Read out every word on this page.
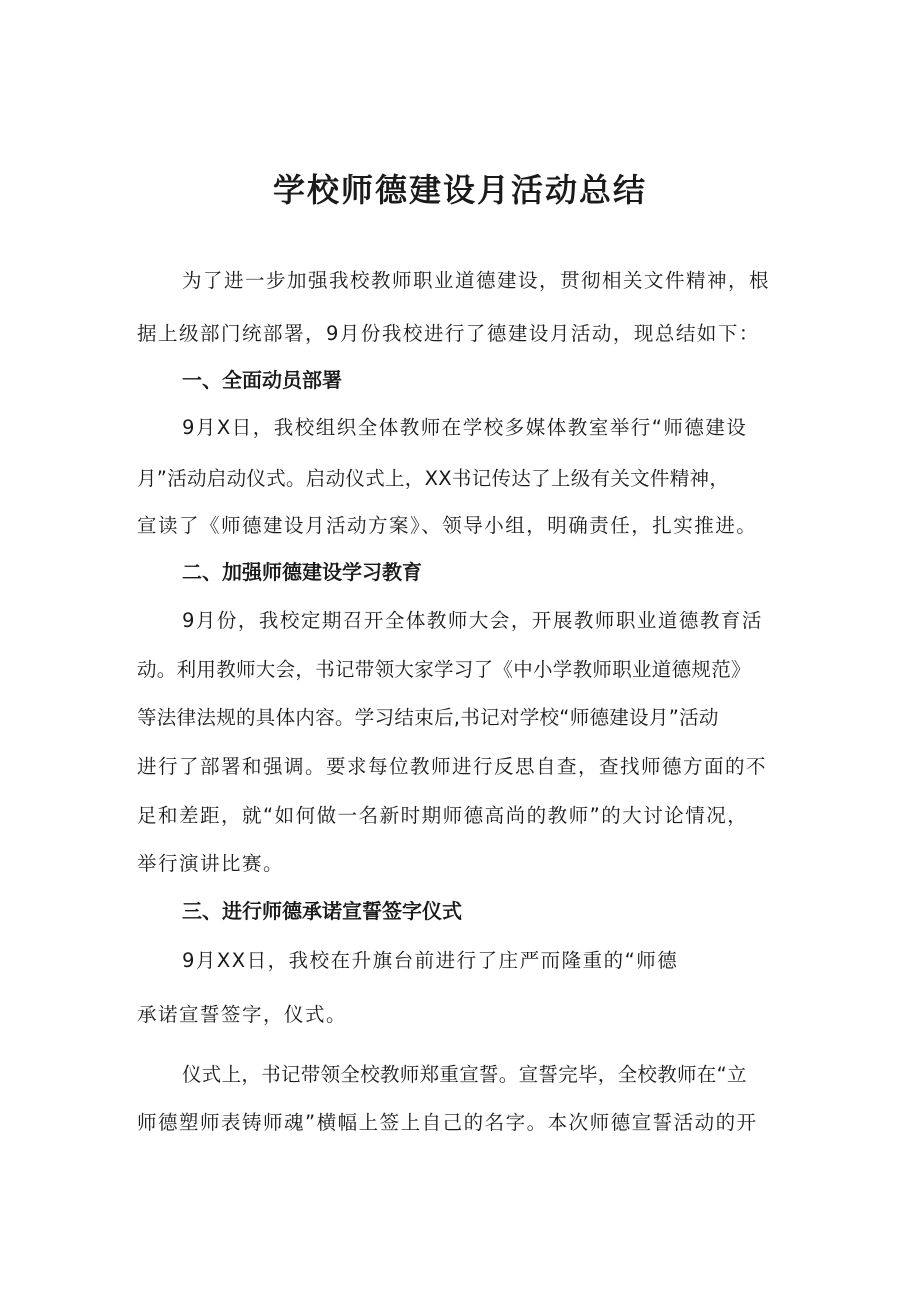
学校师德建设月活动总结

为了进一步加强我校教师职业道德建设，贯彻相关文件精神，根

据上级部门统部署，9月份我校进行了德建设月活动，现总结如下：

一、全面动员部署

9月X日，我校组织全体教师在学校多媒体教室举行“师德建设

月”活动启动仪式。启动仪式上，XX书记传达了上级有关文件精神，

宣读了《师德建设月活动方案》、领导小组，明确责任，扎实推进。

二、加强师德建设学习教育

9月份，我校定期召开全体教师大会，开展教师职业道德教育活

动。利用教师大会，书记带领大家学习了《中小学教师职业道德规范》

等法律法规的具体内容。学习结束后,书记对学校“师德建设月”活动

进行了部署和强调。要求每位教师进行反思自查，查找师德方面的不

足和差距，就“如何做一名新时期师德高尚的教师”的大讨论情况，

举行演讲比赛。

三、进行师德承诺宣誓签字仪式

9月XX日，我校在升旗台前进行了庄严而隆重的“师德

承诺宣誓签字，仪式。

仪式上，书记带领全校教师郑重宣誓。宣誓完毕，全校教师在“立

师德塑师表铸师魂”横幅上签上自己的名字。本次师德宣誓活动的开
